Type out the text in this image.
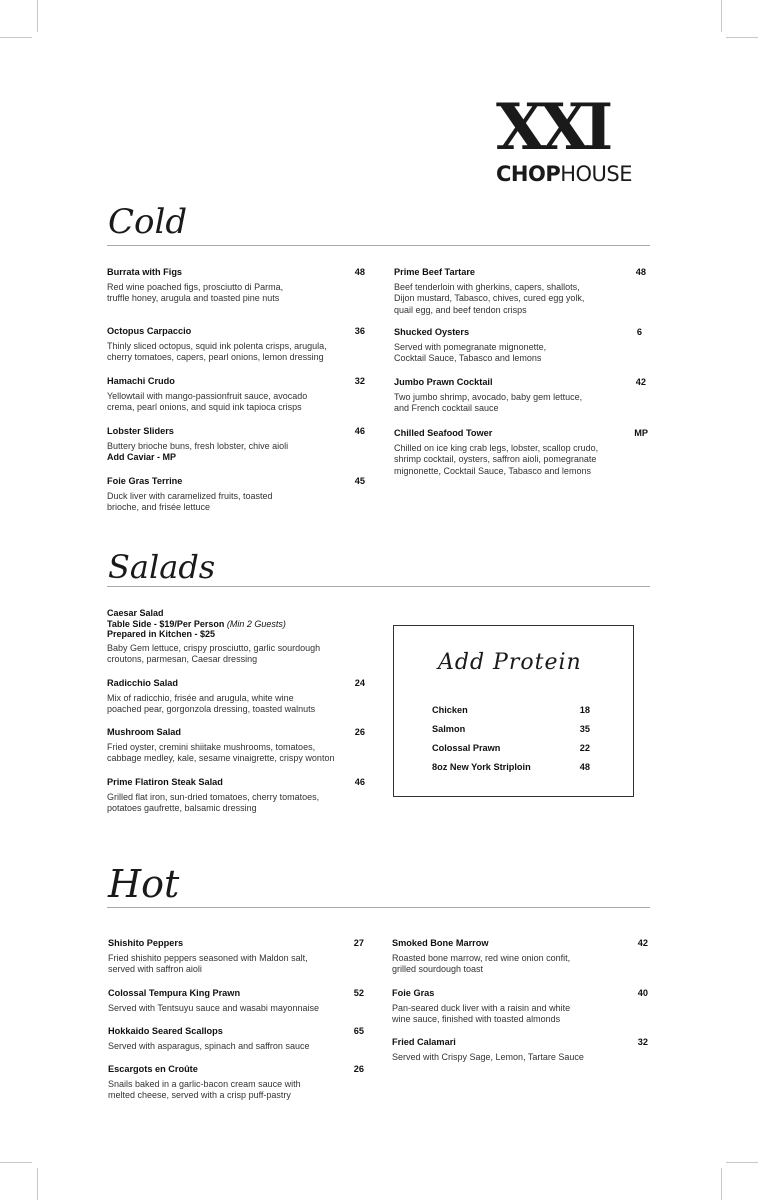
XXI
CHOPHOUSE
Cold
Burrata with Figs	48
Red wine poached figs, prosciutto di Parma,
truffle honey, arugula and toasted pine nuts
Octopus Carpaccio	36
Thinly sliced octopus, squid ink polenta crisps, arugula,
cherry tomatoes, capers, pearl onions, lemon dressing
Hamachi Crudo	32
Yellowtail with mango-passionfruit sauce, avocado
crema, pearl onions, and squid ink tapioca crisps
Lobster Sliders	46
Buttery brioche buns, fresh lobster, chive aioli
Add Caviar - MP
Foie Gras Terrine	45
Duck liver with caramelized fruits, toasted
brioche, and frisée lettuce
Prime Beef Tartare	48
Beef tenderloin with gherkins, capers, shallots,
Dijon mustard, Tabasco, chives, cured egg yolk,
quail egg, and beef tendon crisps
Shucked Oysters	6
Served with pomegranate mignonette,
Cocktail Sauce, Tabasco and lemons
Jumbo Prawn Cocktail	42
Two jumbo shrimp, avocado, baby gem lettuce,
and French cocktail sauce
Chilled Seafood Tower	MP
Chilled on ice king crab legs, lobster, scallop crudo,
shrimp cocktail, oysters, saffron aioli, pomegranate
mignonette, Cocktail Sauce, Tabasco and lemons
Salads
Caesar Salad
Table Side - $19/Per Person (Min 2 Guests)
Prepared in Kitchen - $25
Baby Gem lettuce, crispy prosciutto, garlic sourdough
croutons, parmesan, Caesar dressing
Radicchio Salad	24
Mix of radicchio, frisée and arugula, white wine
poached pear, gorgonzola dressing, toasted walnuts
Mushroom Salad	26
Fried oyster, cremini shiitake mushrooms, tomatoes,
cabbage medley, kale, sesame vinaigrette, crispy wonton
Prime Flatiron Steak Salad	46
Grilled flat iron, sun-dried tomatoes, cherry tomatoes,
potatoes gaufrette, balsamic dressing
Add Protein
Chicken	18
Salmon	35
Colossal Prawn	22
8oz New York Striploin	48
Hot
Shishito Peppers	27
Fried shishito peppers seasoned with Maldon salt,
served with saffron aioli
Colossal Tempura King Prawn	52
Served with Tentsuyu sauce and wasabi mayonnaise
Hokkaido Seared Scallops	65
Served with asparagus, spinach and saffron sauce
Escargots en Croûte	26
Snails baked in a garlic-bacon cream sauce with
melted cheese, served with a crisp puff-pastry
Smoked Bone Marrow	42
Roasted bone marrow, red wine onion confit,
grilled sourdough toast
Foie Gras	40
Pan-seared duck liver with a raisin and white
wine sauce, finished with toasted almonds
Fried Calamari	32
Served with Crispy Sage, Lemon, Tartare Sauce
